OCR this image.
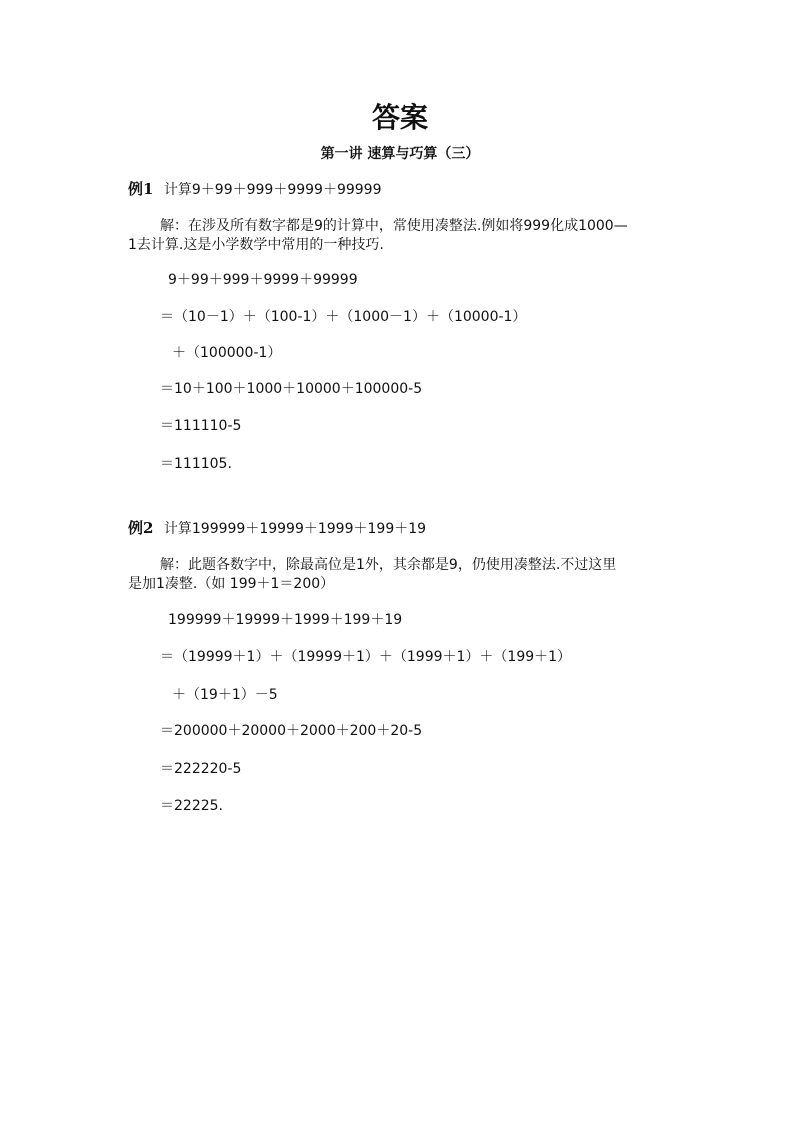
答案
第一讲 速算与巧算（三）
例1 计算9＋99＋999＋9999＋99999
解：在涉及所有数字都是9的计算中，常使用凑整法.例如将999化成1000—
1去计算.这是小学数学中常用的一种技巧.
9＋99＋999＋9999＋99999
＝（10－1）＋（100-1）＋（1000－1）＋（10000-1）
＋（100000-1）
＝10＋100＋1000＋10000＋100000-5
＝111110-5
＝111105.
例2 计算199999＋19999＋1999＋199＋19
解：此题各数字中，除最高位是1外，其余都是9，仍使用凑整法.不过这里
是加1凑整.（如 199＋1＝200）
199999＋19999＋1999＋199＋19
＝（19999＋1）＋（19999＋1）＋（1999＋1）＋（199＋1）
＋（19＋1）－5
＝200000＋20000＋2000＋200＋20-5
＝222220-5
＝22225.
